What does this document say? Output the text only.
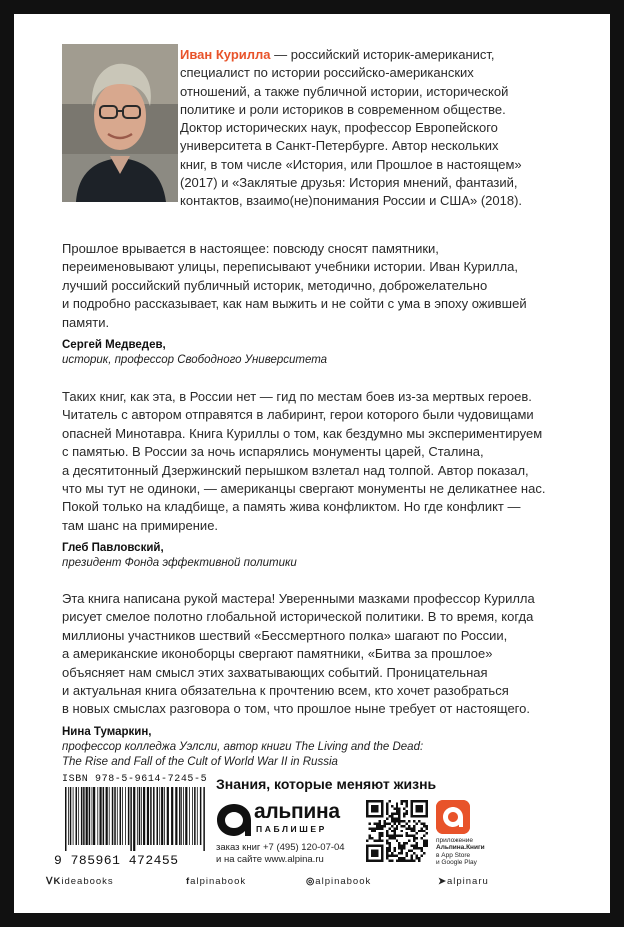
Иван Курилла — российский историк-американист,
специалист по истории российско-американских
отношений, а также публичной истории, исторической
политике и роли историков в современном обществе.
Доктор исторических наук, профессор Европейского
университета в Санкт-Петербурге. Автор нескольких
книг, в том числе «История, или Прошлое в настоящем»
(2017) и «Заклятые друзья: История мнений, фантазий,
контактов, взаимо(не)понимания России и США» (2018).

Прошлое врывается в настоящее: повсюду сносят памятники,

переименовывают улицы, переписывают учебники истории. Иван Курилла,

лучший российский публичный историк, методично, доброжелательно

и подробно рассказывает, как нам выжить и не сойти с ума в эпоху ожившей

памяти.

Сергей Медведев,
историк, профессор Свободного Университета

Таких книг, как эта, в России нет — гид по местам боев из-за мертвых героев.

Читатель с автором отправятся в лабиринт, герои которого были чудовищами

опасней Минотавра. Книга Куриллы о том, как бездумно мы экспериментируем

с памятью. В России за ночь испарялись монументы царей, Сталина,

а десятитонный Дзержинский перышком взлетал над толпой. Автор показал,

что мы тут не одиноки, — американцы свергают монументы не деликатнее нас.

Покой только на кладбище, а память жива конфликтом. Но где конфликт —

там шанс на примирение.

Глеб Павловский,
президент Фонда эффективной политики

Эта книга написана рукой мастера! Уверенными мазками профессор Курилла

рисует смелое полотно глобальной исторической политики. В то время, когда

миллионы участников шествий «Бессмертного полка» шагают по России,

а американские иконоборцы свергают памятники, «Битва за прошлое»

объясняет нам смысл этих захватывающих событий. Проницательная

и актуальная книга обязательна к прочтению всем, кто хочет разобраться

в новых смыслах разговора о том, что прошлое ныне требует от настоящего.

Нина Тумаркин,
профессор колледжа Уэлсли, автор книги The Living and the Dead:
The Rise and Fall of the Cult of World War II in Russia
ISBN 978-5-9614-7245-5
9 785961 472455
Знания, которые меняют жизнь
альпина
ПАБЛИШЕР
заказ книг +7 (495) 120-07-04
и на сайте www.alpina.ru
приложение
Альпина.Книги
в App Store
и Google Play
ᐯKideabooks	falpinabook	◎alpinabook	➤alpinaru
